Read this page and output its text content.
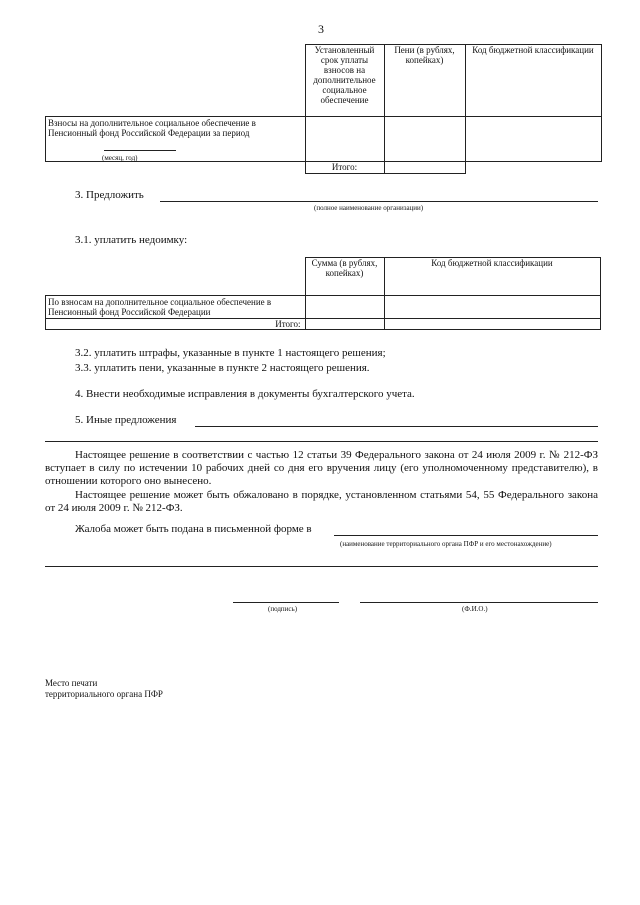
3
	Установленный срок уплаты взносов на дополнительное социальное обеспечение	Пени (в рублях, копейках)	Код бюджетной классификации

Взносы на дополнительное социальное обеспечение в Пенсионный фонд Российской Федерации за период
(месяц, год)			

	Итого:		
3. Предложить
(полное наименование организации)
3.1. уплатить недоимку:
	Сумма (в рублях, копейках)	Код бюджетной классификации
По взносам на дополнительное социальное обеспечение в Пенсионный фонд Российской Федерации		
Итого:		
3.2. уплатить штрафы, указанные в пункте 1 настоящего решения;
3.3. уплатить пени, указанные в пункте 2 настоящего решения.
4. Внести необходимые исправления в документы бухгалтерского учета.
5. Иные предложения
Настоящее решение в соответствии с частью 12 статьи 39 Федерального закона от 24 июля 2009 г. № 212-ФЗ вступает в силу по истечении 10 рабочих дней со дня его вручения лицу (его уполномоченному представителю), в отношении которого оно вынесено.
Настоящее решение может быть обжаловано в порядке, установленном статьями 54, 55 Федерального закона от 24 июля 2009 г. № 212-ФЗ.
Жалоба может быть подана в письменной форме в
(наименование территориального органа ПФР и его местонахождение)
(подпись)	(Ф.И.О.)
Место печати
территориального органа ПФР
